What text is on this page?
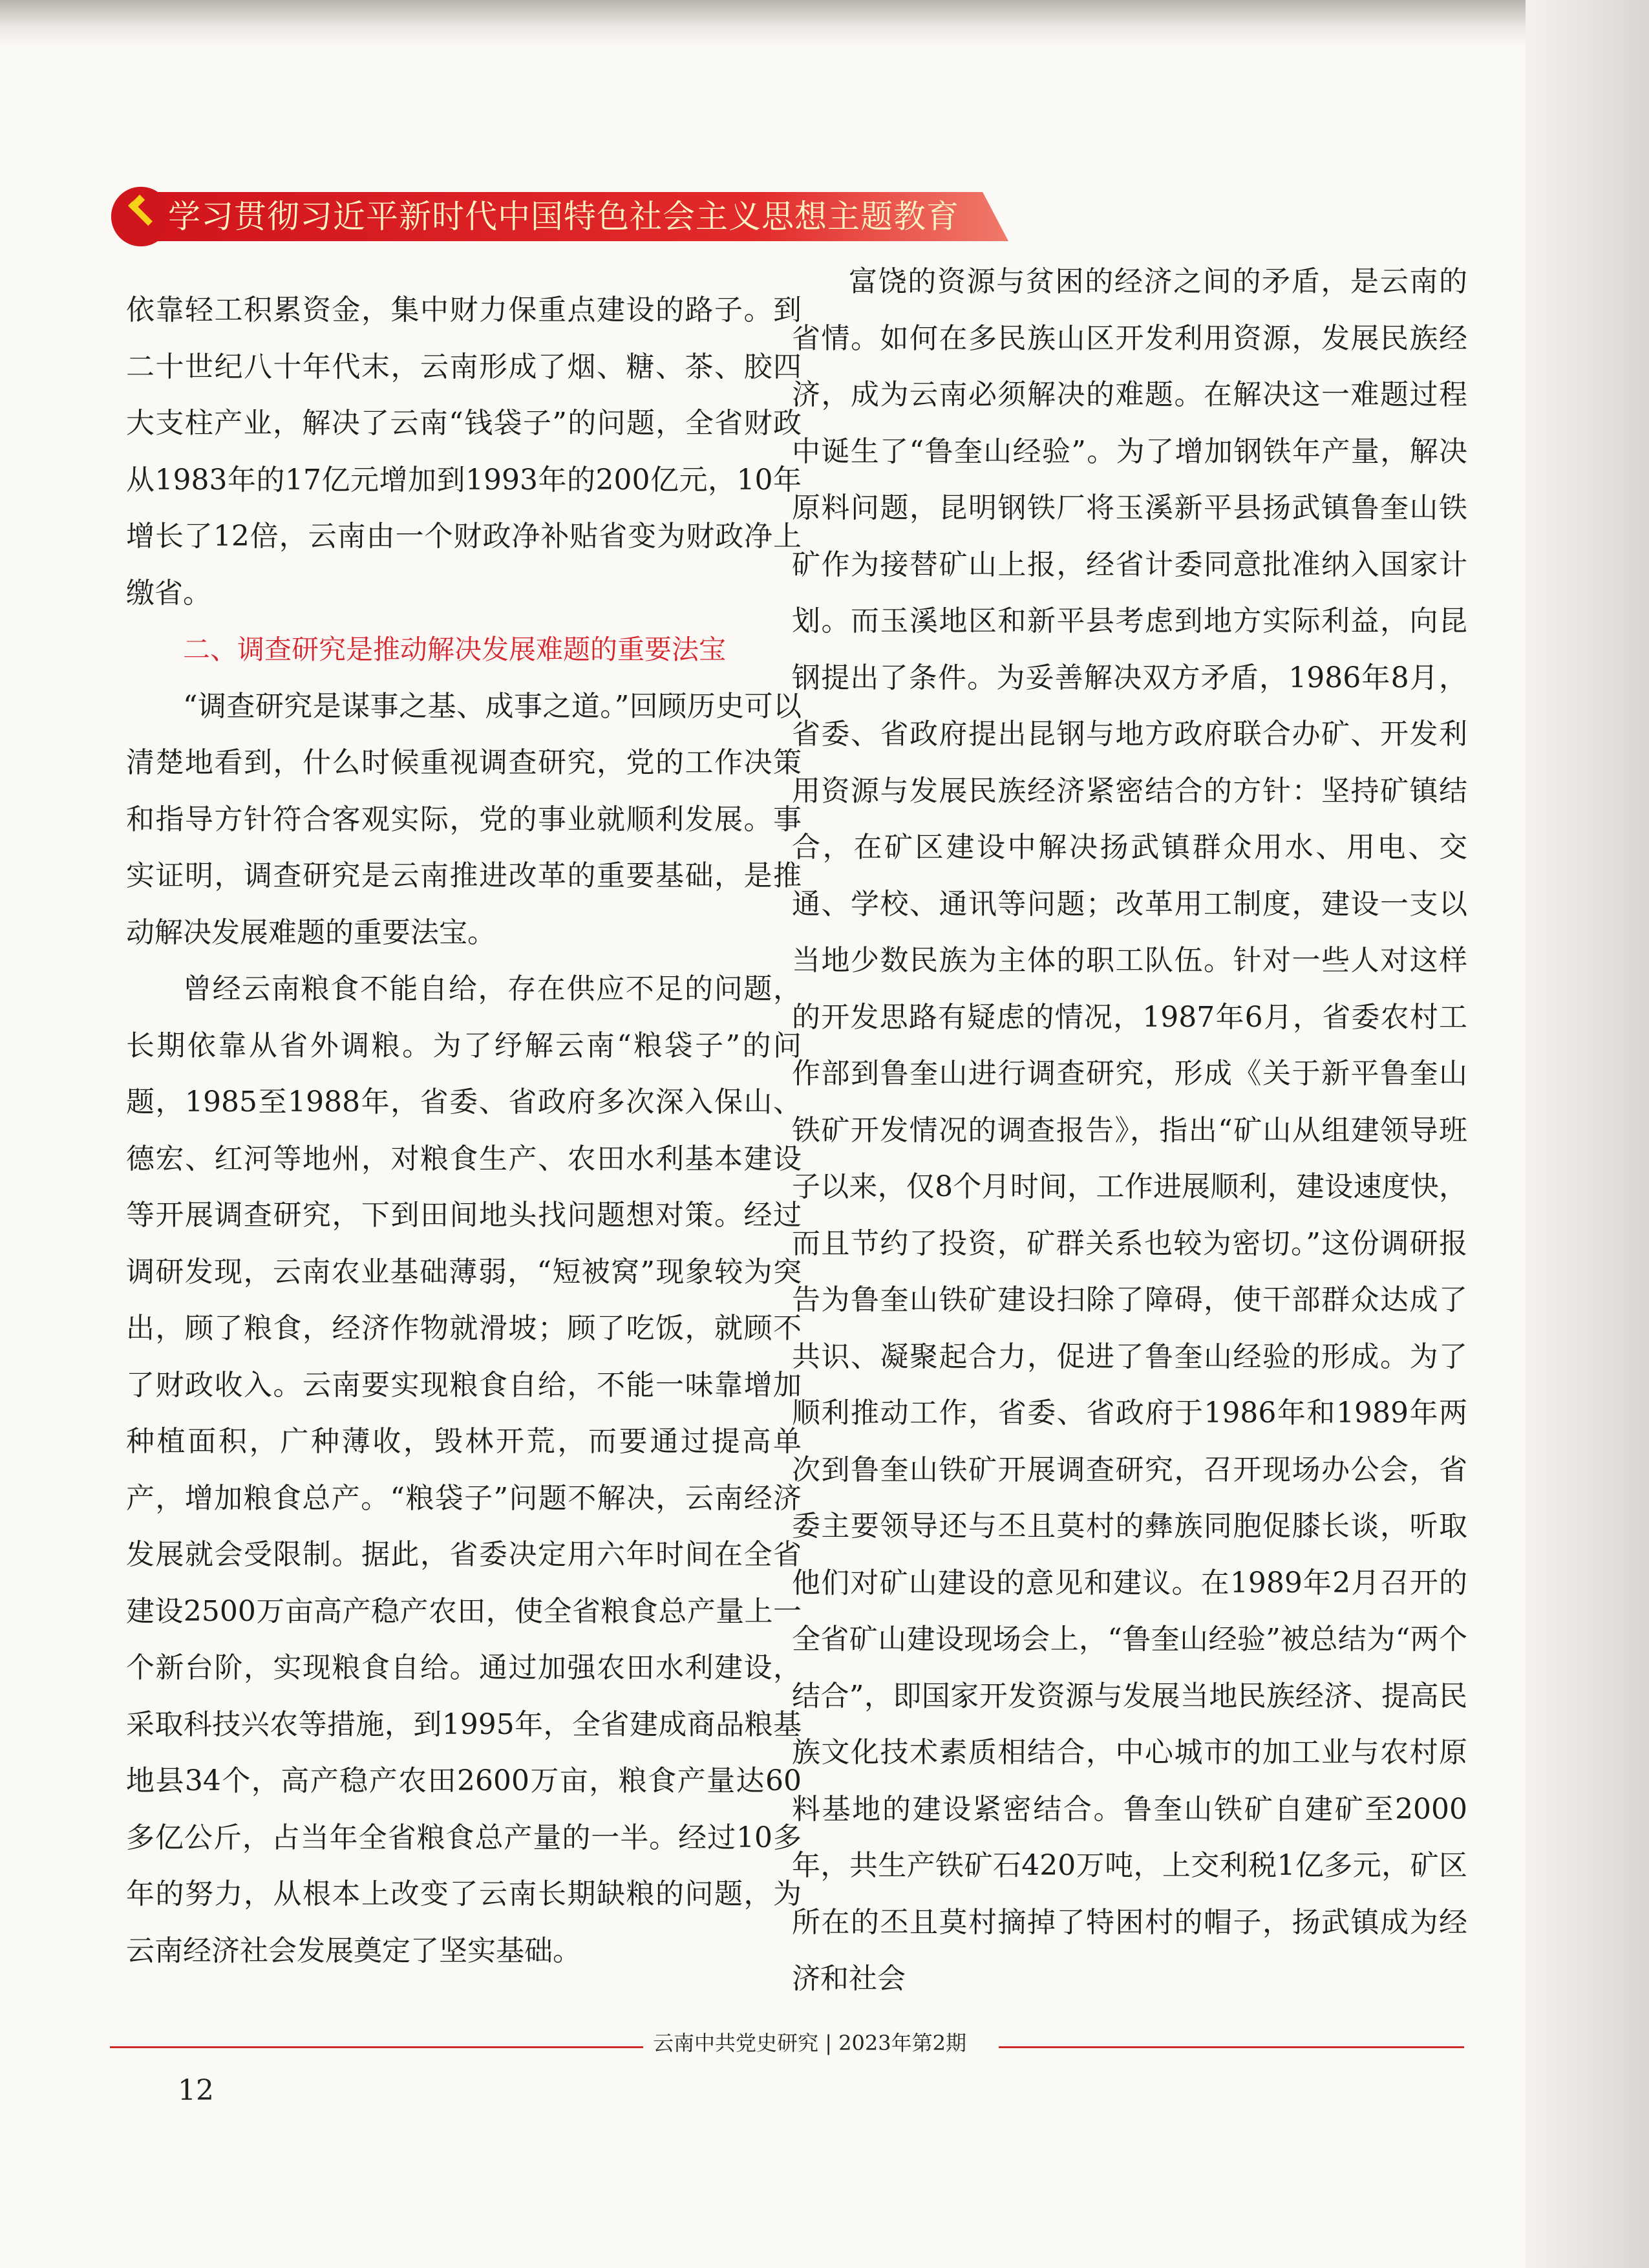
学习贯彻习近平新时代中国特色社会主义思想主题教育

依靠轻工积累资金，集中财力保重点建设的路子。到二十世纪八十年代末，云南形成了烟、糖、茶、胶四大支柱产业，解决了云南“钱袋子”的问题，全省财政从1983年的17亿元增加到1993年的200亿元，10年增长了12倍，云南由一个财政净补贴省变为财政净上缴省。

二、调查研究是推动解决发展难题的重要法宝

“调查研究是谋事之基、成事之道。”回顾历史可以清楚地看到，什么时候重视调查研究，党的工作决策和指导方针符合客观实际，党的事业就顺利发展。事实证明，调查研究是云南推进改革的重要基础，是推动解决发展难题的重要法宝。

曾经云南粮食不能自给，存在供应不足的问题，长期依靠从省外调粮。为了纾解云南“粮袋子”的问题，1985至1988年，省委、省政府多次深入保山、德宏、红河等地州，对粮食生产、农田水利基本建设等开展调查研究，下到田间地头找问题想对策。经过调研发现，云南农业基础薄弱，“短被窝”现象较为突出，顾了粮食，经济作物就滑坡；顾了吃饭，就顾不了财政收入。云南要实现粮食自给，不能一味靠增加种植面积，广种薄收，毁林开荒，而要通过提高单产，增加粮食总产。“粮袋子”问题不解决，云南经济发展就会受限制。据此，省委决定用六年时间在全省建设2500万亩高产稳产农田，使全省粮食总产量上一个新台阶，实现粮食自给。通过加强农田水利建设，采取科技兴农等措施，到1995年，全省建成商品粮基地县34个，高产稳产农田2600万亩，粮食产量达60多亿公斤，占当年全省粮食总产量的一半。经过10多年的努力，从根本上改变了云南长期缺粮的问题，为云南经济社会发展奠定了坚实基础。

富饶的资源与贫困的经济之间的矛盾，是云南的省情。如何在多民族山区开发利用资源，发展民族经济，成为云南必须解决的难题。在解决这一难题过程中诞生了“鲁奎山经验”。为了增加钢铁年产量，解决原料问题，昆明钢铁厂将玉溪新平县扬武镇鲁奎山铁矿作为接替矿山上报，经省计委同意批准纳入国家计划。而玉溪地区和新平县考虑到地方实际利益，向昆钢提出了条件。为妥善解决双方矛盾，1986年8月，省委、省政府提出昆钢与地方政府联合办矿、开发利用资源与发展民族经济紧密结合的方针：坚持矿镇结合，在矿区建设中解决扬武镇群众用水、用电、交通、学校、通讯等问题；改革用工制度，建设一支以当地少数民族为主体的职工队伍。针对一些人对这样的开发思路有疑虑的情况，1987年6月，省委农村工作部到鲁奎山进行调查研究，形成《关于新平鲁奎山铁矿开发情况的调查报告》，指出“矿山从组建领导班子以来，仅8个月时间，工作进展顺利，建设速度快，而且节约了投资，矿群关系也较为密切。”这份调研报告为鲁奎山铁矿建设扫除了障碍，使干部群众达成了共识、凝聚起合力，促进了鲁奎山经验的形成。为了顺利推动工作，省委、省政府于1986年和1989年两次到鲁奎山铁矿开展调查研究，召开现场办公会，省委主要领导还与丕且莫村的彝族同胞促膝长谈，听取他们对矿山建设的意见和建议。在1989年2月召开的全省矿山建设现场会上，“鲁奎山经验”被总结为“两个结合”，即国家开发资源与发展当地民族经济、提高民族文化技术素质相结合，中心城市的加工业与农村原料基地的建设紧密结合。鲁奎山铁矿自建矿至2000年，共生产铁矿石420万吨，上交利税1亿多元，矿区所在的丕且莫村摘掉了特困村的帽子，扬武镇成为经济和社会

云南中共党史研究 | 2023年第2期
12
